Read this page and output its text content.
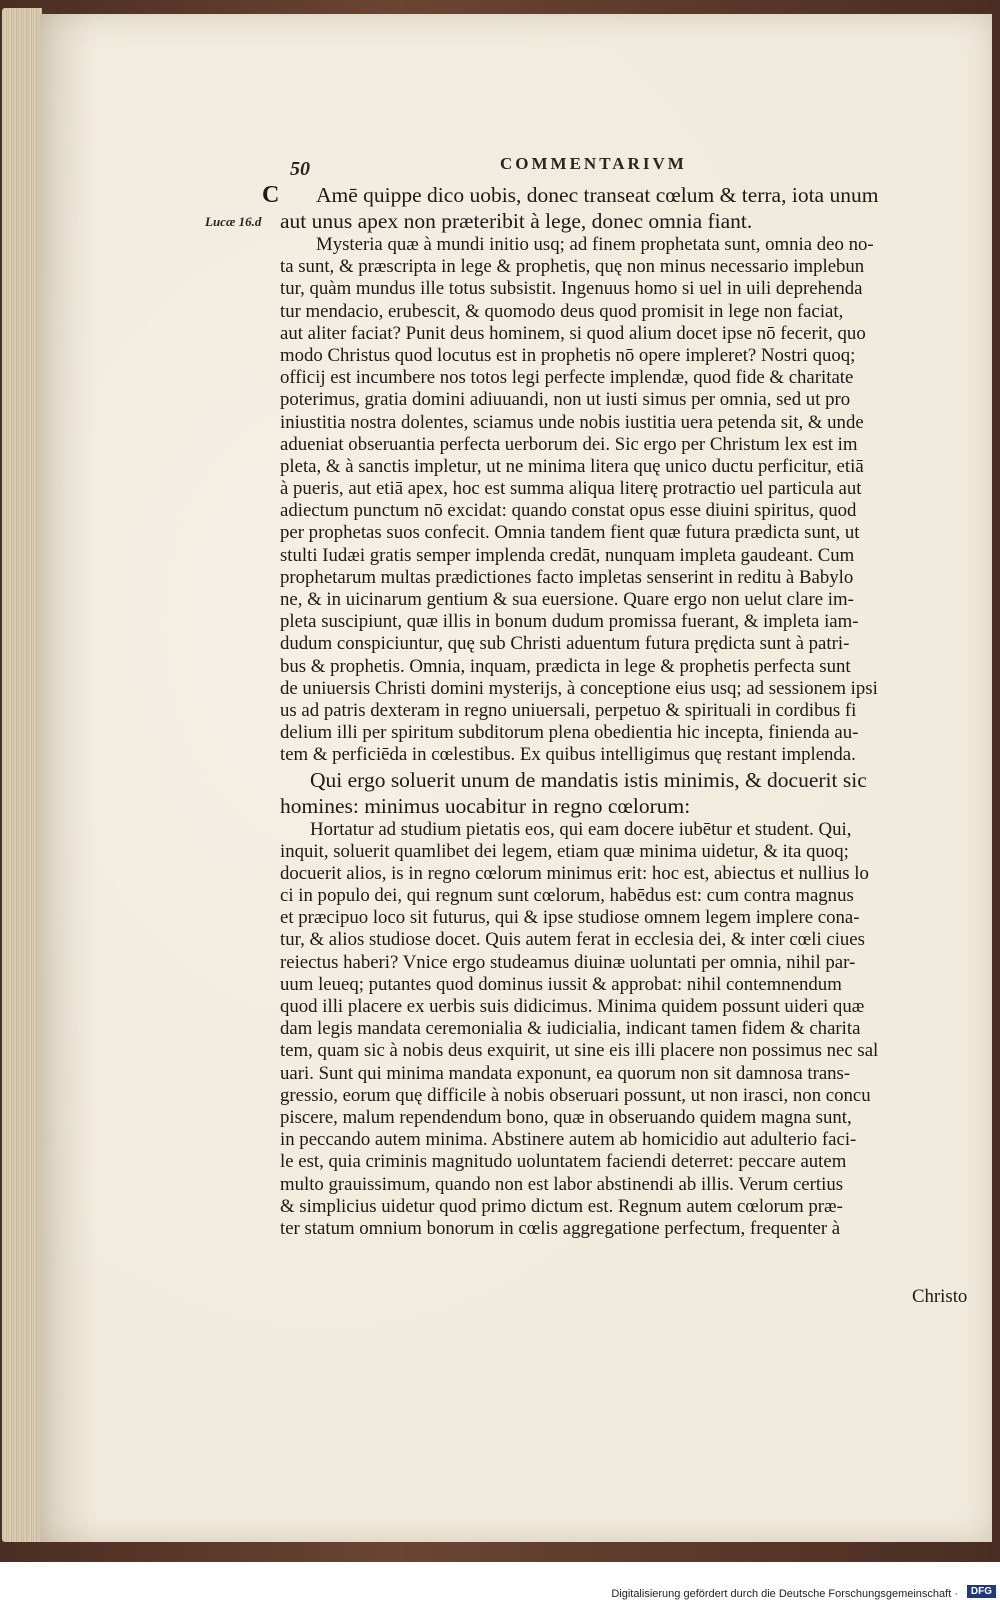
50	COMMENTARIVM
C
Lucæ 16.d
Amē quippe dico uobis, donec transeat cœlum & terra, iota unum
aut unus apex non præteribit à lege, donec omnia fiant.
Mysteria quæ à mundi initio usq; ad finem prophetata sunt, omnia deo no-
ta sunt, & præscripta in lege & prophetis, quę non minus necessario implebun
tur, quàm mundus ille totus subsistit. Ingenuus homo si uel in uili deprehenda
tur mendacio, erubescit, & quomodo deus quod promisit in lege non faciat,
aut aliter faciat? Punit deus hominem, si quod alium docet ipse nō fecerit, quo
modo Christus quod locutus est in prophetis nō opere impleret? Nostri quoq;
officij est incumbere nos totos legi perfecte implendæ, quod fide & charitate
poterimus, gratia domini adiuuandi, non ut iusti simus per omnia, sed ut pro
iniustitia nostra dolentes, sciamus unde nobis iustitia uera petenda sit, & unde
adueniat obseruantia perfecta uerborum dei. Sic ergo per Christum lex est im
pleta, & à sanctis impletur, ut ne minima litera quę unico ductu perficitur, etiā
à pueris, aut etiā apex, hoc est summa aliqua literę protractio uel particula aut
adiectum punctum nō excidat: quando constat opus esse diuini spiritus, quod
per prophetas suos confecit. Omnia tandem fient quæ futura prædicta sunt, ut
stulti Iudæi gratis semper implenda credāt, nunquam impleta gaudeant. Cum
prophetarum multas prædictiones facto impletas senserint in reditu à Babylo
ne, & in uicinarum gentium & sua euersione. Quare ergo non uelut clare im-
pleta suscipiunt, quæ illis in bonum dudum promissa fuerant, & impleta iam-
dudum conspiciuntur, quę sub Christi aduentum futura prędicta sunt à patri-
bus & prophetis. Omnia, inquam, prædicta in lege & prophetis perfecta sunt
de uniuersis Christi domini mysterijs, à conceptione eius usq; ad sessionem ipsi
us ad patris dexteram in regno uniuersali, perpetuo & spirituali in cordibus fi
delium illi per spiritum subditorum plena obedientia hic incepta, finienda au-
tem & perficiēda in cœlestibus. Ex quibus intelligimus quę restant implenda.
Qui ergo soluerit unum de mandatis istis minimis, & docuerit sic
homines: minimus uocabitur in regno cœlorum:
Hortatur ad studium pietatis eos, qui eam docere iubētur et student. Qui,
inquit, soluerit quamlibet dei legem, etiam quæ minima uidetur, & ita quoq;
docuerit alios, is in regno cœlorum minimus erit: hoc est, abiectus et nullius lo
ci in populo dei, qui regnum sunt cœlorum, habēdus est: cum contra magnus
et præcipuo loco sit futurus, qui & ipse studiose omnem legem implere cona-
tur, & alios studiose docet. Quis autem ferat in ecclesia dei, & inter cœli ciues
reiectus haberi? Vnice ergo studeamus diuinæ uoluntati per omnia, nihil par-
uum leueq; putantes quod dominus iussit & approbat: nihil contemnendum
quod illi placere ex uerbis suis didicimus. Minima quidem possunt uideri quæ
dam legis mandata ceremonialia & iudicialia, indicant tamen fidem & charita
tem, quam sic à nobis deus exquirit, ut sine eis illi placere non possimus nec sal
uari. Sunt qui minima mandata exponunt, ea quorum non sit damnosa trans-
gressio, eorum quę difficile à nobis obseruari possunt, ut non irasci, non concu
piscere, malum rependendum bono, quæ in obseruando quidem magna sunt,
in peccando autem minima. Abstinere autem ab homicidio aut adulterio faci-
le est, quia criminis magnitudo uoluntatem faciendi deterret: peccare autem
multo grauissimum, quando non est labor abstinendi ab illis. Verum certius
& simplicius uidetur quod primo dictum est. Regnum autem cœlorum præ-
ter statum omnium bonorum in cœlis aggregatione perfectum, frequenter à
Christo
Digitalisierung gefördert durch die Deutsche Forschungsgemeinschaft ·	DFG
